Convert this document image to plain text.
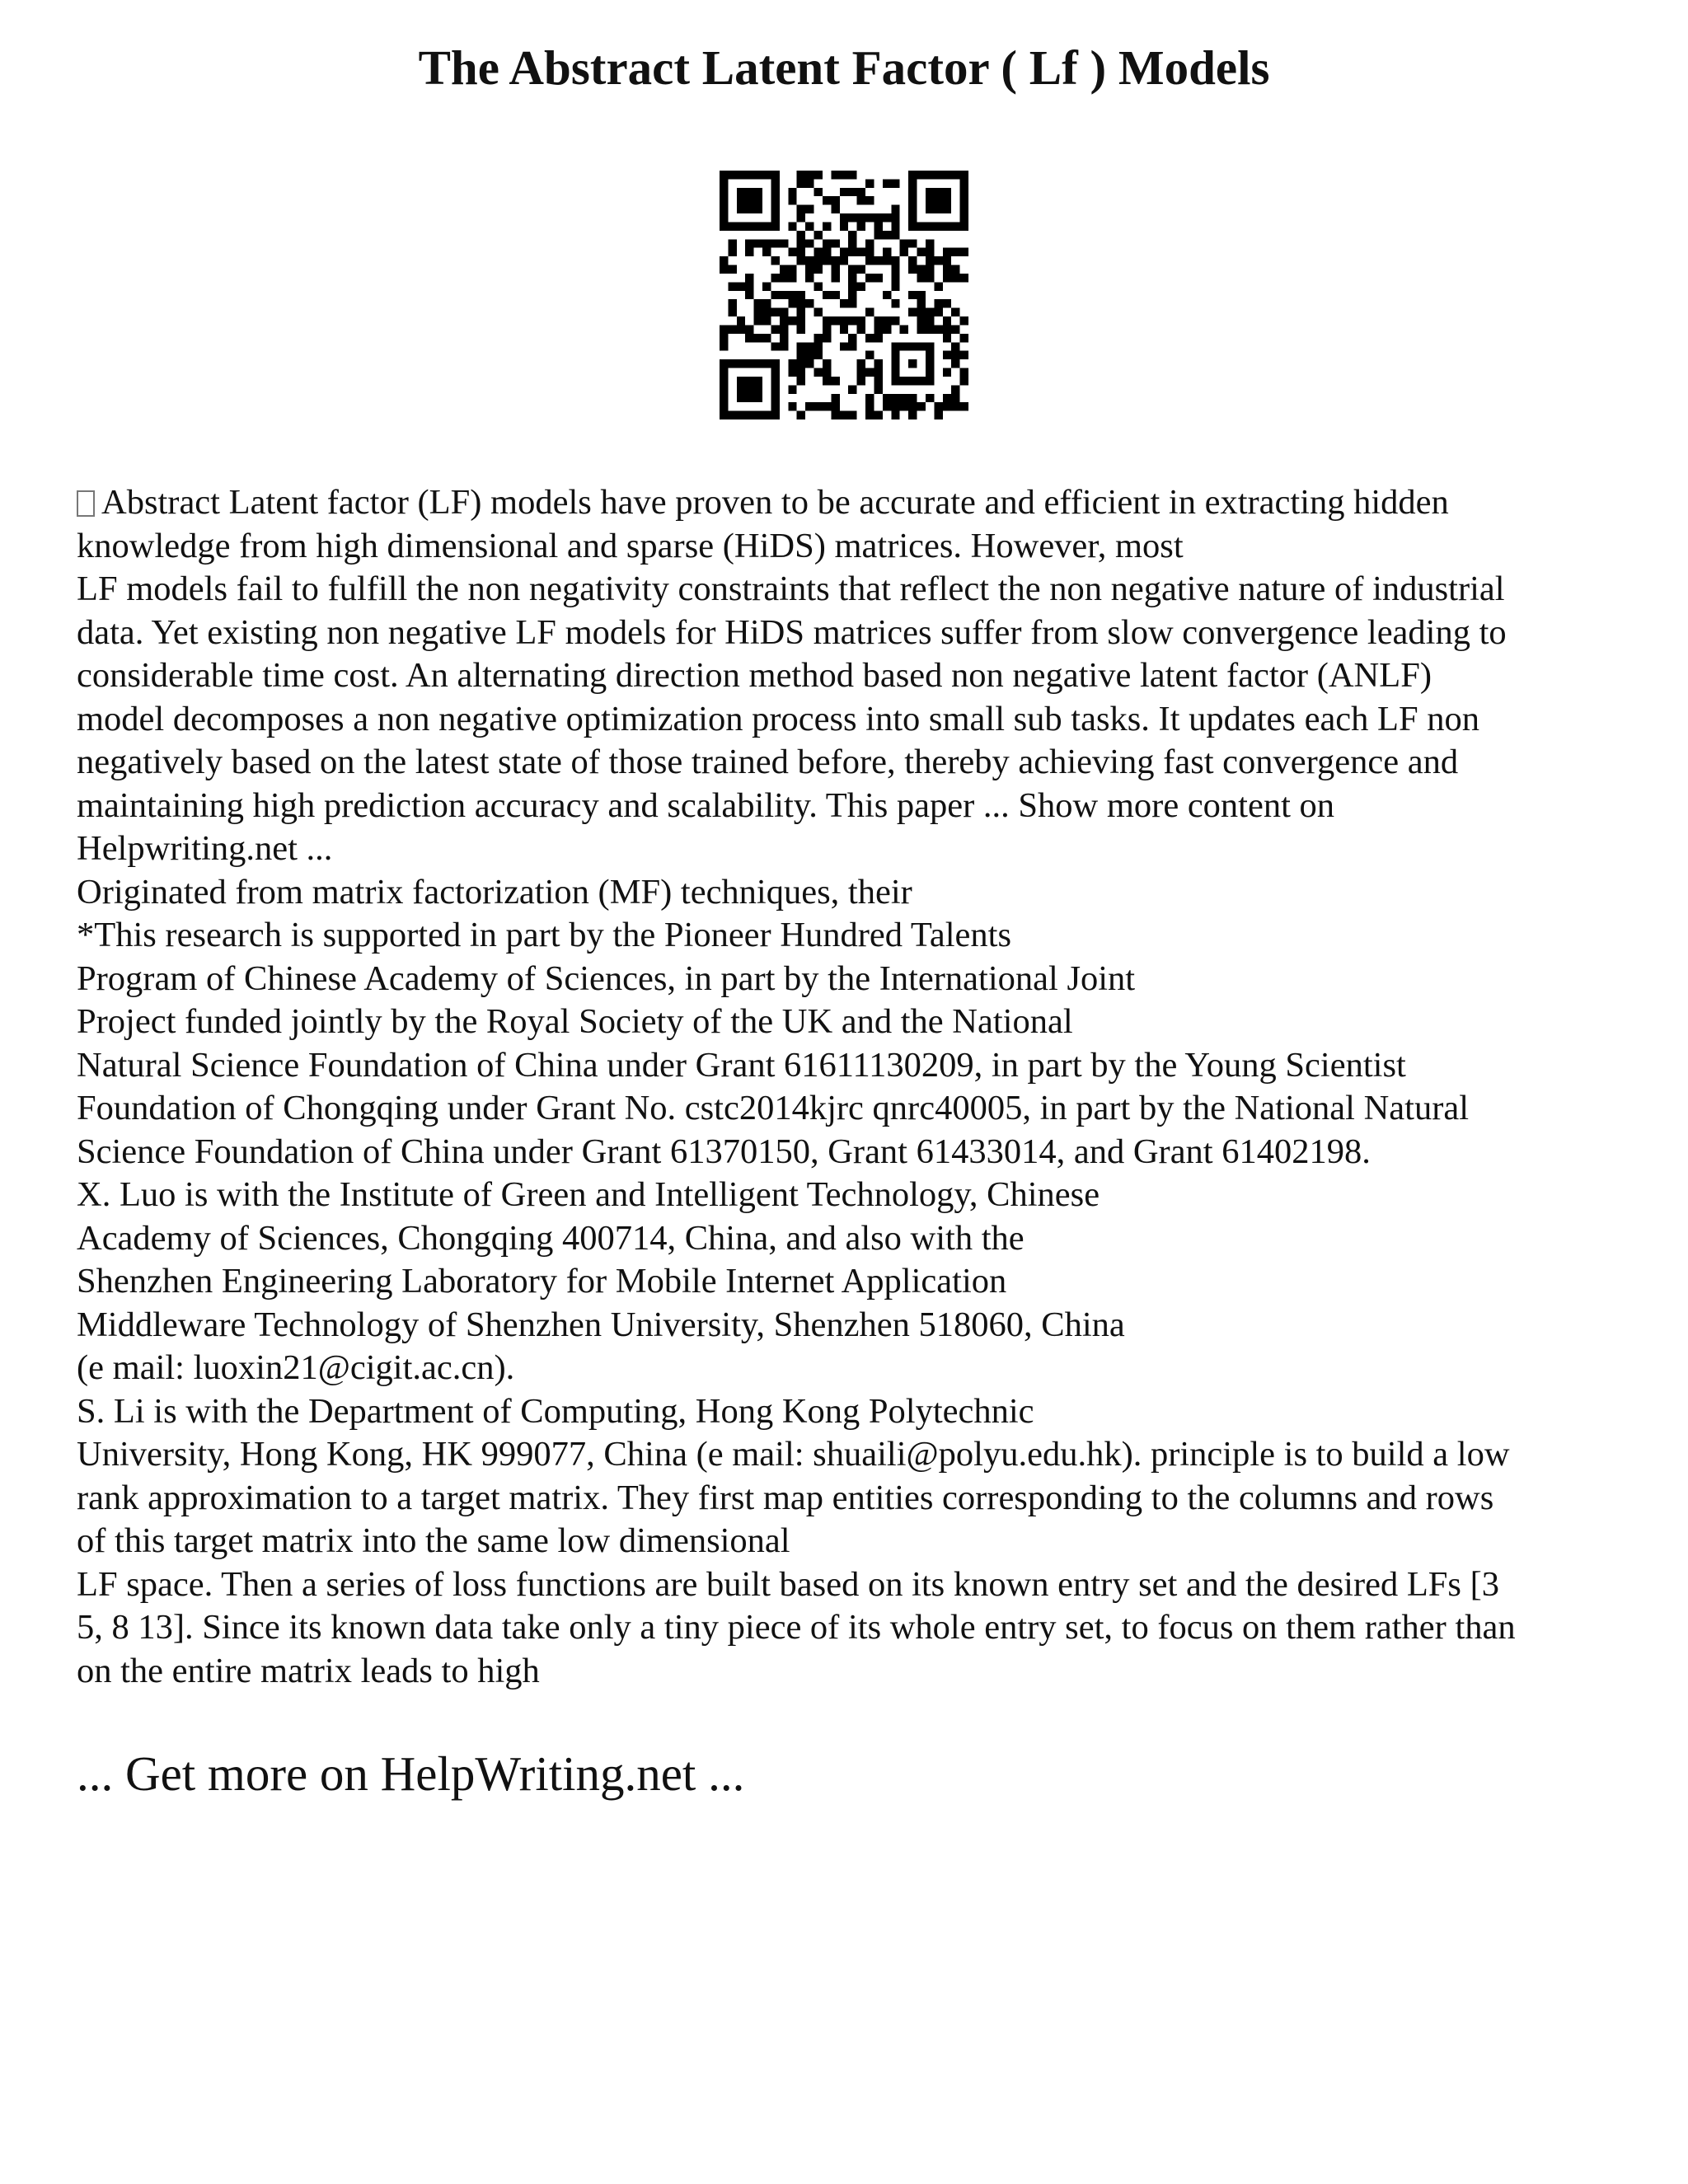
The Abstract Latent Factor ( Lf ) Models
Abstract Latent factor (LF) models have proven to be accurate and efficient in extracting hidden
knowledge from high dimensional and sparse (HiDS) matrices. However, most
LF models fail to fulfill the non negativity constraints that reflect the non negative nature of industrial
data. Yet existing non negative LF models for HiDS matrices suffer from slow convergence leading to
considerable time cost. An alternating direction method based non negative latent factor (ANLF)
model decomposes a non negative optimization process into small sub tasks. It updates each LF non
negatively based on the latest state of those trained before, thereby achieving fast convergence and
maintaining high prediction accuracy and scalability. This paper ... Show more content on
Helpwriting.net ...
Originated from matrix factorization (MF) techniques, their
*This research is supported in part by the Pioneer Hundred Talents
Program of Chinese Academy of Sciences, in part by the International Joint
Project funded jointly by the Royal Society of the UK and the National
Natural Science Foundation of China under Grant 61611130209, in part by the Young Scientist
Foundation of Chongqing under Grant No. cstc2014kjrc qnrc40005, in part by the National Natural
Science Foundation of China under Grant 61370150, Grant 61433014, and Grant 61402198.
X. Luo is with the Institute of Green and Intelligent Technology, Chinese
Academy of Sciences, Chongqing 400714, China, and also with the
Shenzhen Engineering Laboratory for Mobile Internet Application
Middleware Technology of Shenzhen University, Shenzhen 518060, China
(e mail: luoxin21@cigit.ac.cn).
S. Li is with the Department of Computing, Hong Kong Polytechnic
University, Hong Kong, HK 999077, China (e mail: shuaili@polyu.edu.hk). principle is to build a low
rank approximation to a target matrix. They first map entities corresponding to the columns and rows
of this target matrix into the same low dimensional
LF space. Then a series of loss functions are built based on its known entry set and the desired LFs [3
5, 8 13]. Since its known data take only a tiny piece of its whole entry set, to focus on them rather than
on the entire matrix leads to high
... Get more on HelpWriting.net ...
